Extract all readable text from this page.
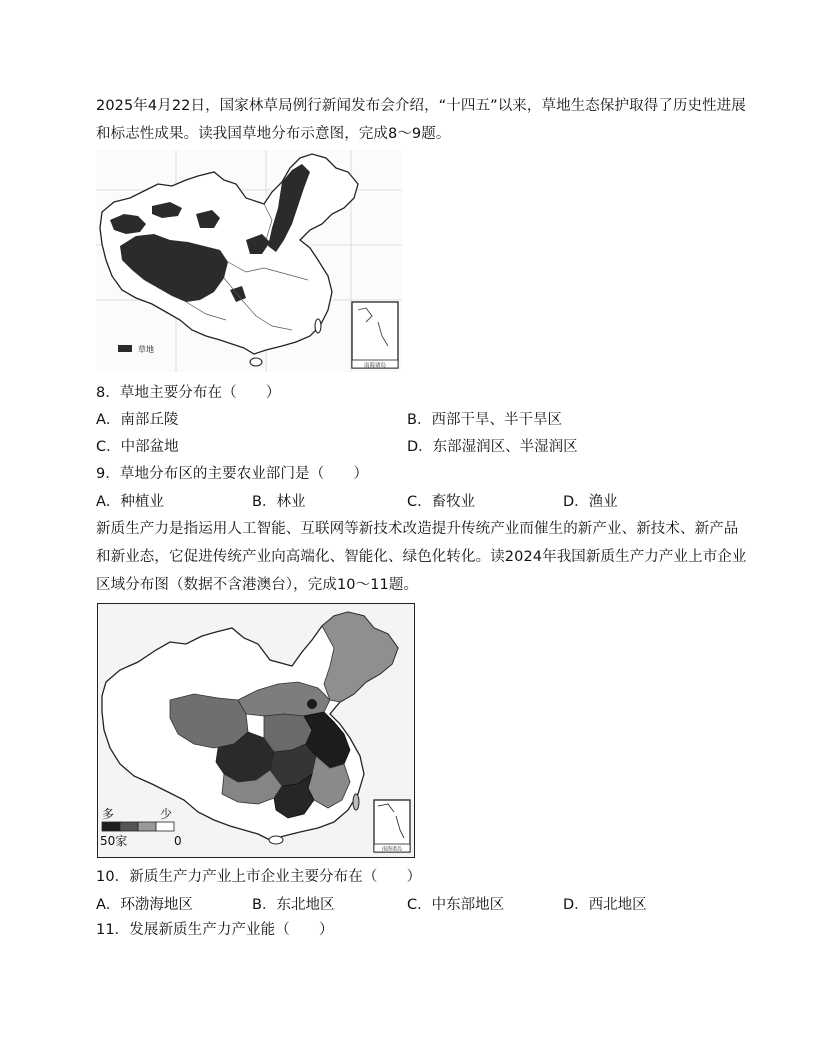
2025年4月22日，国家林草局例行新闻发布会介绍，“十四五”以来，草地生态保护取得了历史性进展
和标志性成果。读我国草地分布示意图，完成8～9题。
南海诸岛
草地
8．草地主要分布在（　　）
A．南部丘陵	B．西部干旱、半干旱区
C．中部盆地	D．东部湿润区、半湿润区
9．草地分布区的主要农业部门是（　　）
A．种植业	B．林业	C．畜牧业	D．渔业
新质生产力是指运用人工智能、互联网等新技术改造提升传统产业而催生的新产业、新技术、新产品
和新业态，它促进传统产业向高端化、智能化、绿色化转化。读2024年我国新质生产力产业上市企业
区域分布图（数据不含港澳台），完成10～11题。
南海诸岛
多	少
50家	0
10．新质生产力产业上市企业主要分布在（　　）
A．环渤海地区	B．东北地区	C．中东部地区	D．西北地区
11．发展新质生产力产业能（　　）
